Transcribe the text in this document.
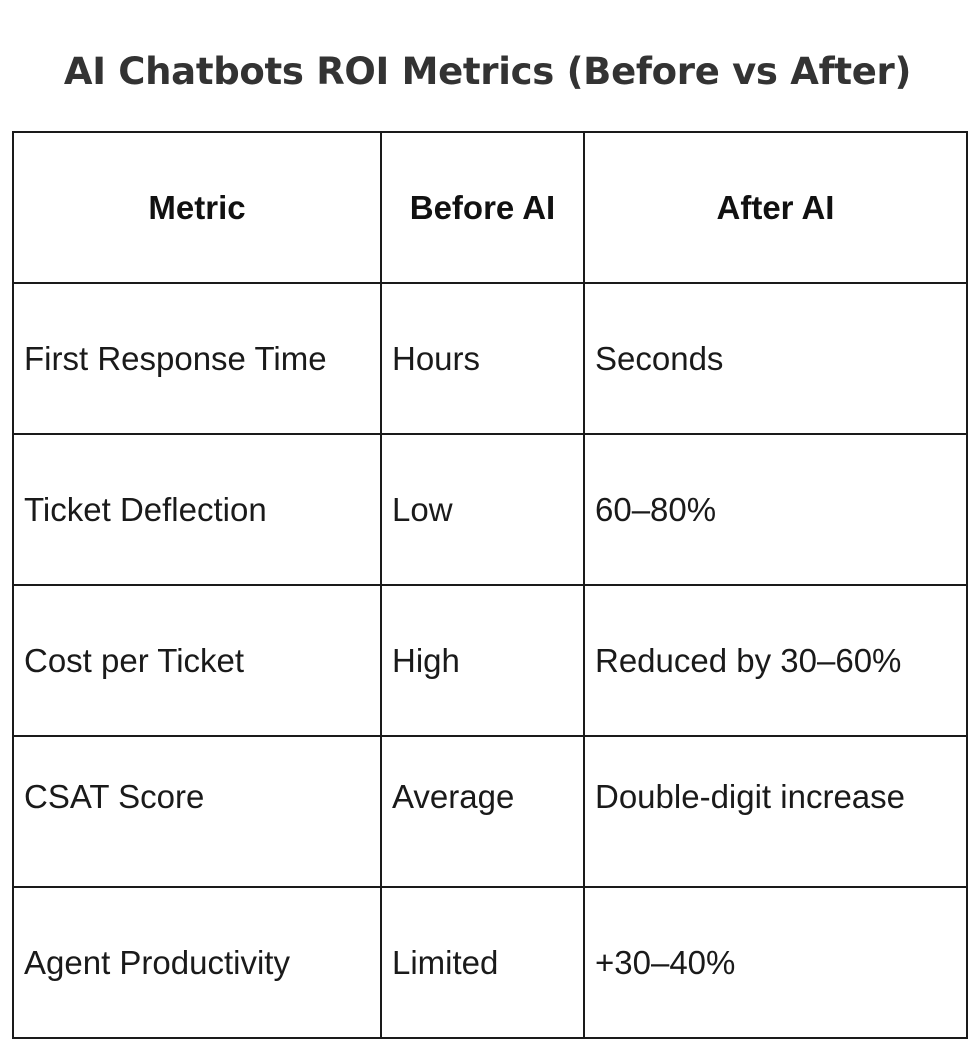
AI Chatbots ROI Metrics (Before vs After)
Metric	Before AI	After AI
First Response Time	Hours	Seconds
Ticket Deflection	Low	60–80%
Cost per Ticket	High	Reduced by 30–60%
CSAT Score	Average	Double-digit increase
Agent Productivity	Limited	+30–40%
